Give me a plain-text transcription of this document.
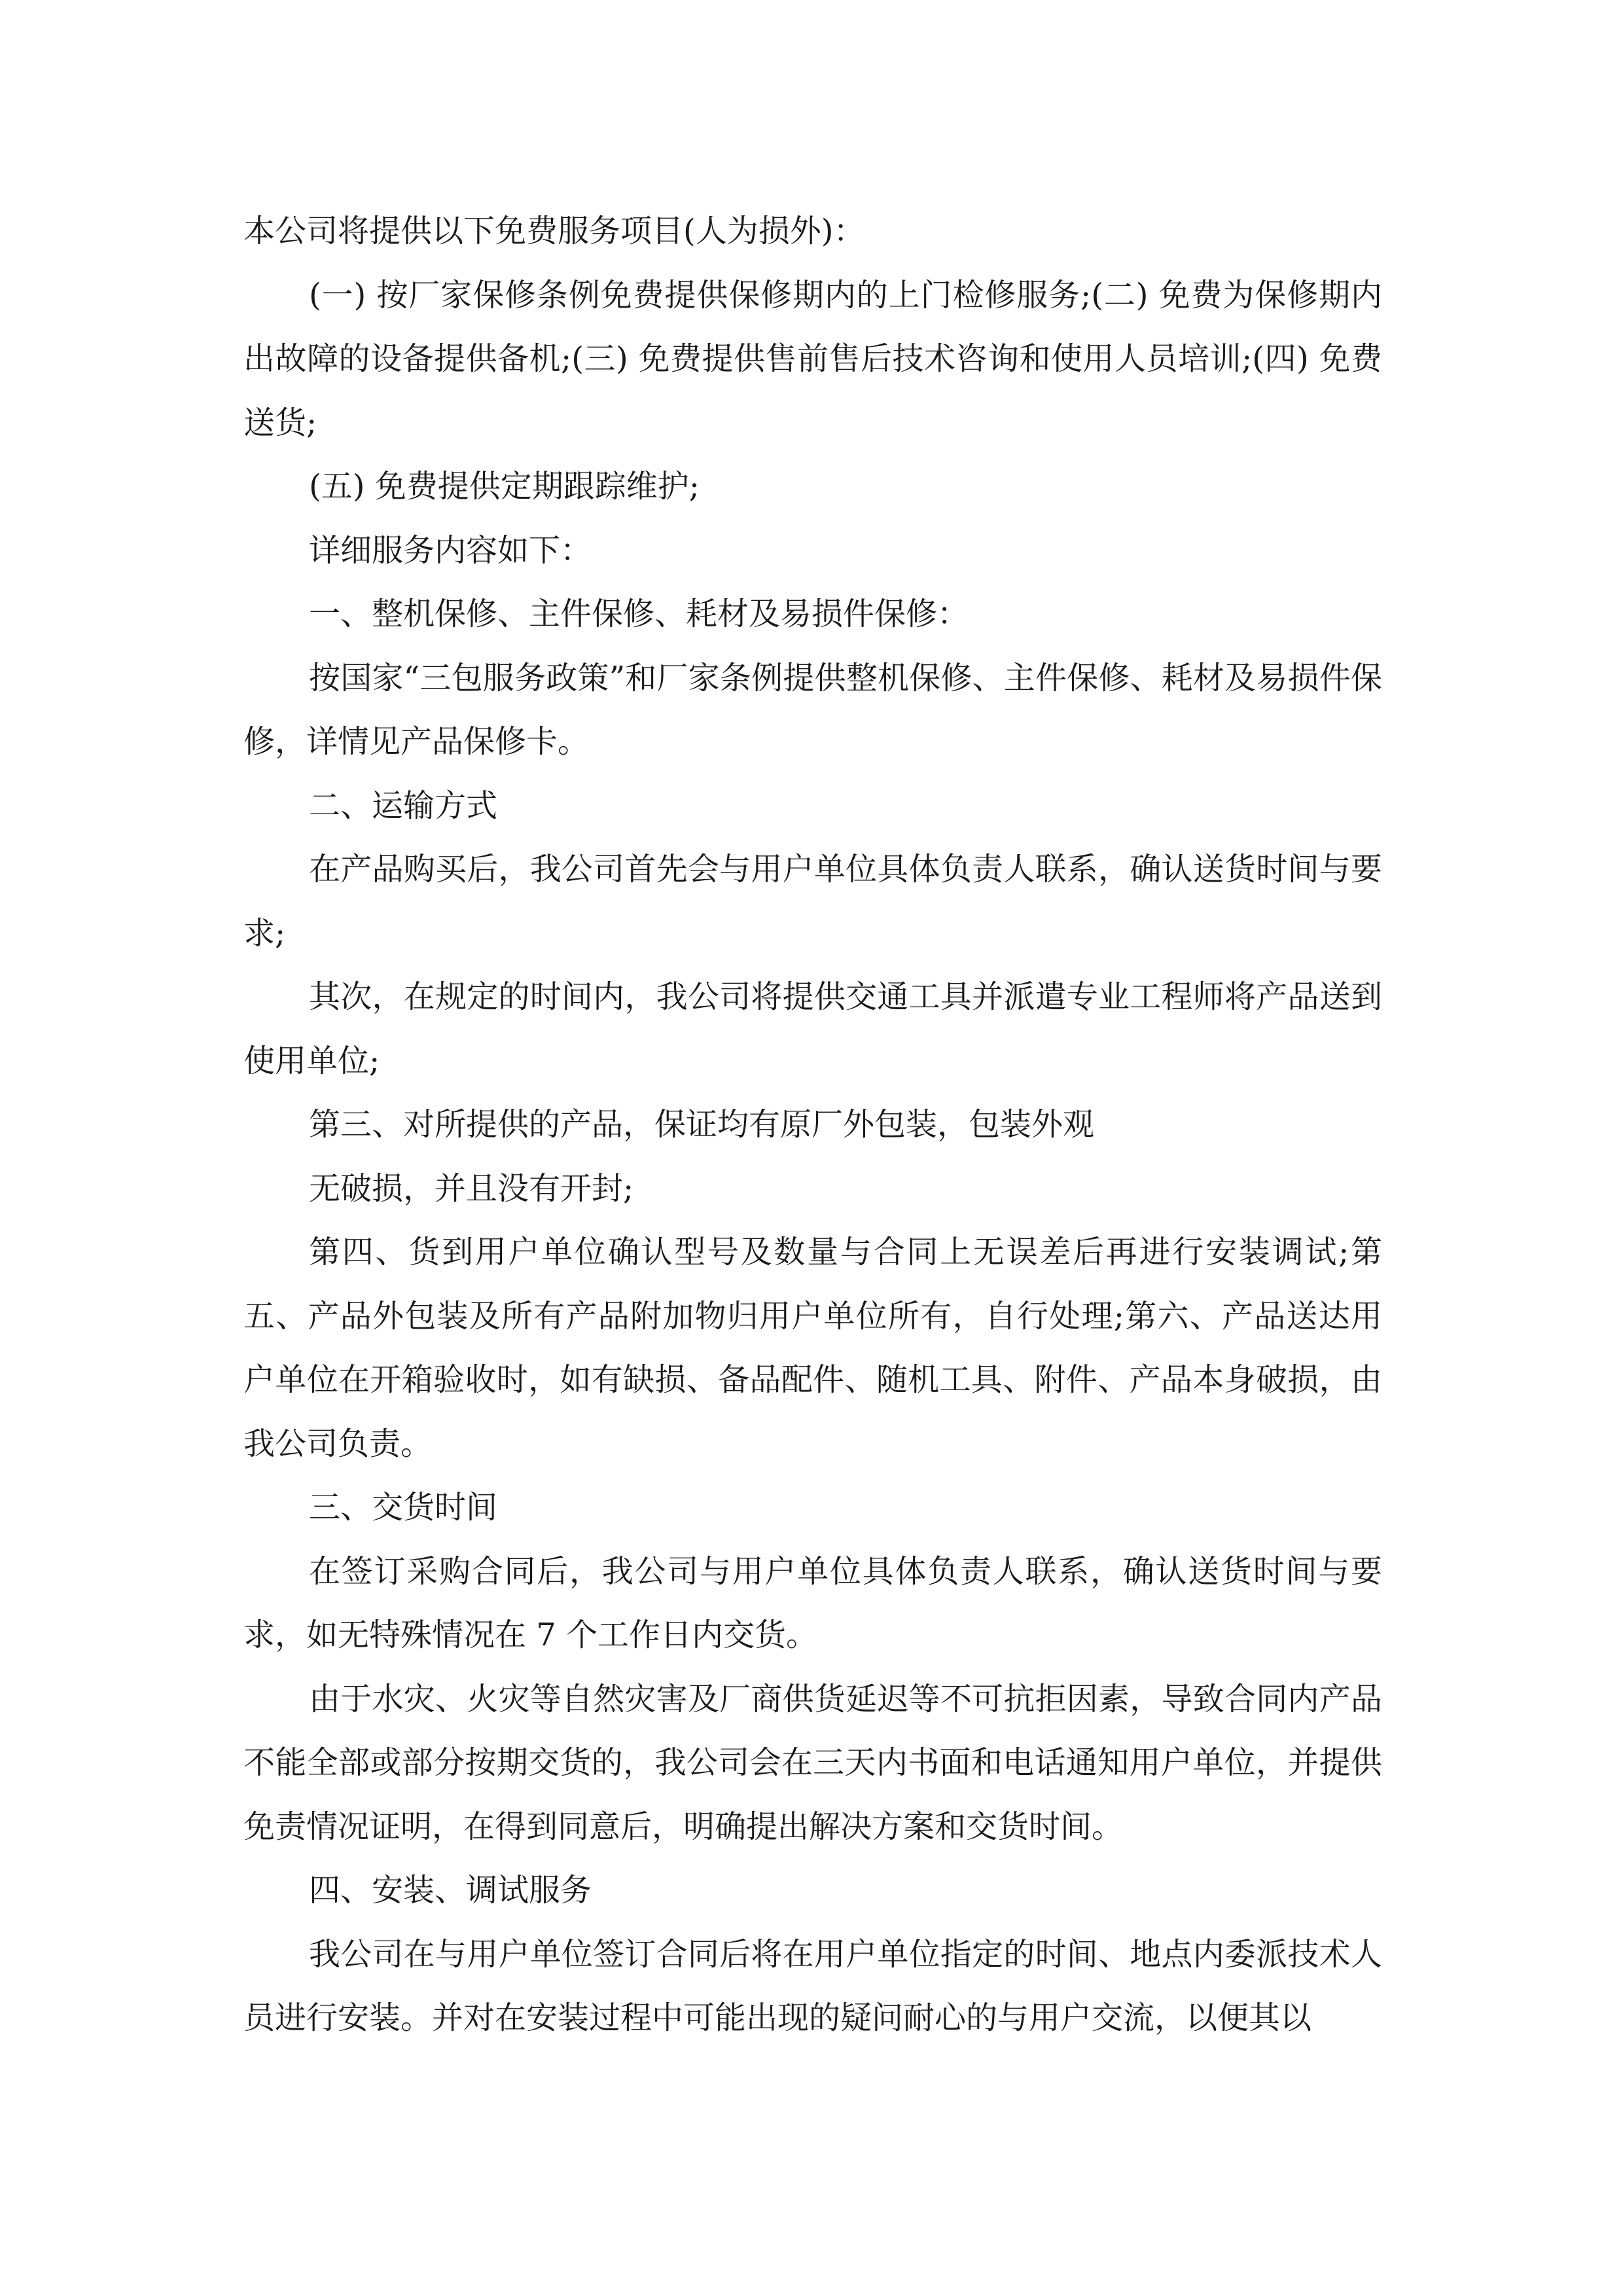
本公司将提供以下免费服务项目(人为损外)：

(一) 按厂家保修条例免费提供保修期内的上门检修服务;(二) 免费为保修期内出故障的设备提供备机;(三) 免费提供售前售后技术咨询和使用人员培训;(四) 免费送货;

(五) 免费提供定期跟踪维护;

详细服务内容如下：

一、整机保修、主件保修、耗材及易损件保修：

按国家“三包服务政策”和厂家条例提供整机保修、主件保修、耗材及易损件保修，详情见产品保修卡。

二、运输方式

在产品购买后，我公司首先会与用户单位具体负责人联系，确认送货时间与要求;

其次，在规定的时间内，我公司将提供交通工具并派遣专业工程师将产品送到使用单位;

第三、对所提供的产品，保证均有原厂外包装，包装外观

无破损，并且没有开封;

第四、货到用户单位确认型号及数量与合同上无误差后再进行安装调试;第五、产品外包装及所有产品附加物归用户单位所有，自行处理;第六、产品送达用户单位在开箱验收时，如有缺损、备品配件、随机工具、附件、产品本身破损，由我公司负责。

三、交货时间

在签订采购合同后，我公司与用户单位具体负责人联系，确认送货时间与要求，如无特殊情况在 7 个工作日内交货。

由于水灾、火灾等自然灾害及厂商供货延迟等不可抗拒因素，导致合同内产品不能全部或部分按期交货的，我公司会在三天内书面和电话通知用户单位，并提供免责情况证明，在得到同意后，明确提出解决方案和交货时间。

四、安装、调试服务

我公司在与用户单位签订合同后将在用户单位指定的时间、地点内委派技术人员进行安装。并对在安装过程中可能出现的疑问耐心的与用户交流，以便其以
